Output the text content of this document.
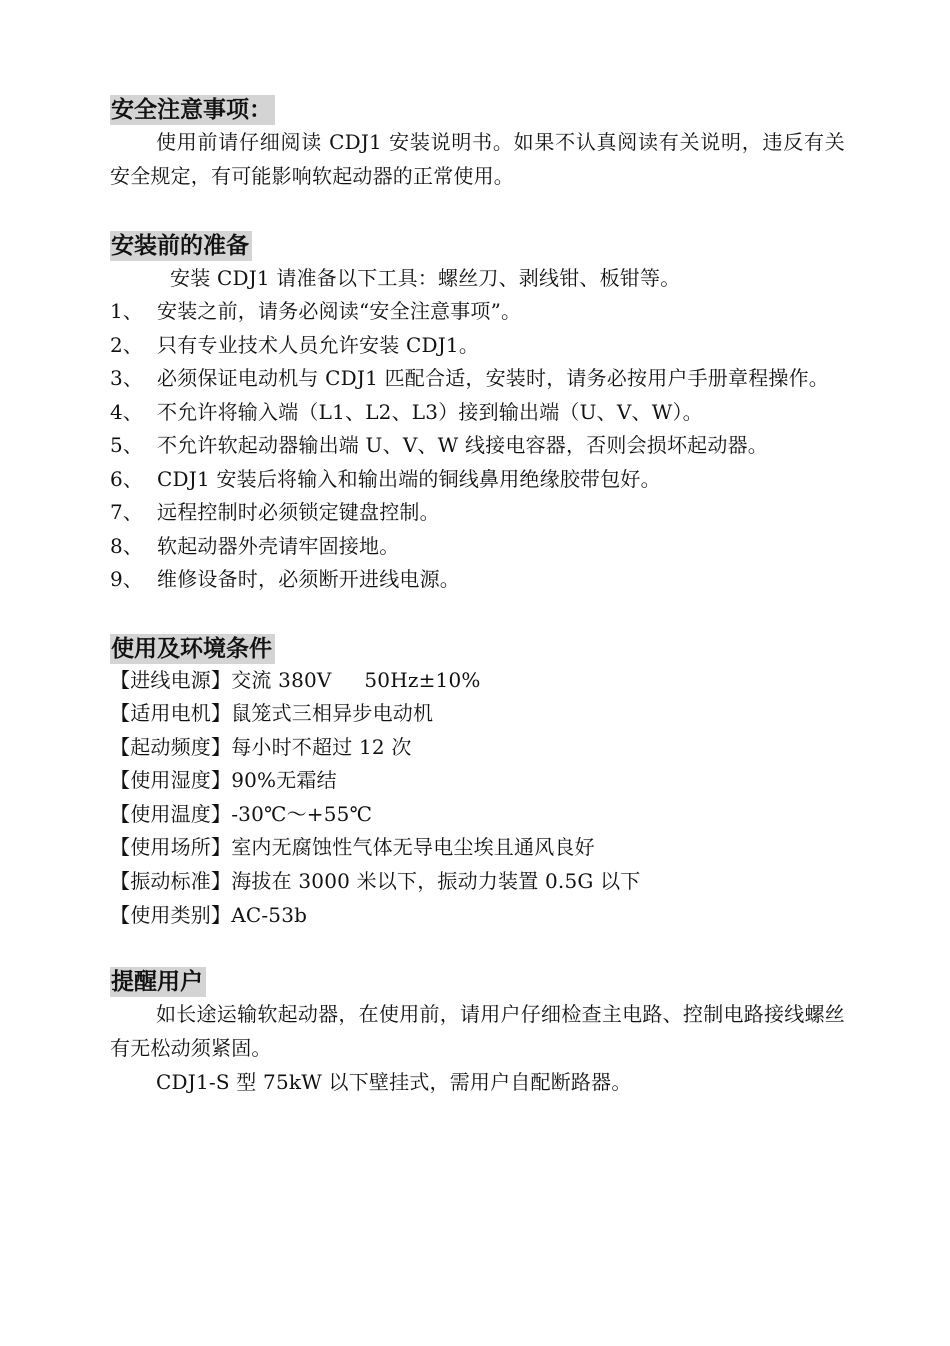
安全注意事项：

使用前请仔细阅读 CDJ1 安装说明书。如果不认真阅读有关说明，违反有关安全规定，有可能影响软起动器的正常使用。

安装前的准备

安装 CDJ1 请准备以下工具：螺丝刀、剥线钳、板钳等。

1、 安装之前，请务必阅读“安全注意事项”。
2、 只有专业技术人员允许安装 CDJ1。
3、 必须保证电动机与 CDJ1 匹配合适，安装时，请务必按用户手册章程操作。
4、 不允许将输入端（L1、L2、L3）接到输出端（U、V、W）。
5、 不允许软起动器输出端 U、V、W 线接电容器，否则会损坏起动器。
6、 CDJ1 安装后将输入和输出端的铜线鼻用绝缘胶带包好。
7、 远程控制时必须锁定键盘控制。
8、 软起动器外壳请牢固接地。
9、 维修设备时，必须断开进线电源。
使用及环境条件
【进线电源】交流 380V     50Hz±10%
【适用电机】鼠笼式三相异步电动机
【起动频度】每小时不超过 12 次
【使用湿度】90%无霜结
【使用温度】-30℃～+55℃
【使用场所】室内无腐蚀性气体无导电尘埃且通风良好
【振动标准】海拔在 3000 米以下，振动力装置 0.5G 以下
【使用类别】AC-53b
提醒用户

如长途运输软起动器，在使用前，请用户仔细检查主电路、控制电路接线螺丝有无松动须紧固。

CDJ1-S 型 75kW 以下壁挂式，需用户自配断路器。
